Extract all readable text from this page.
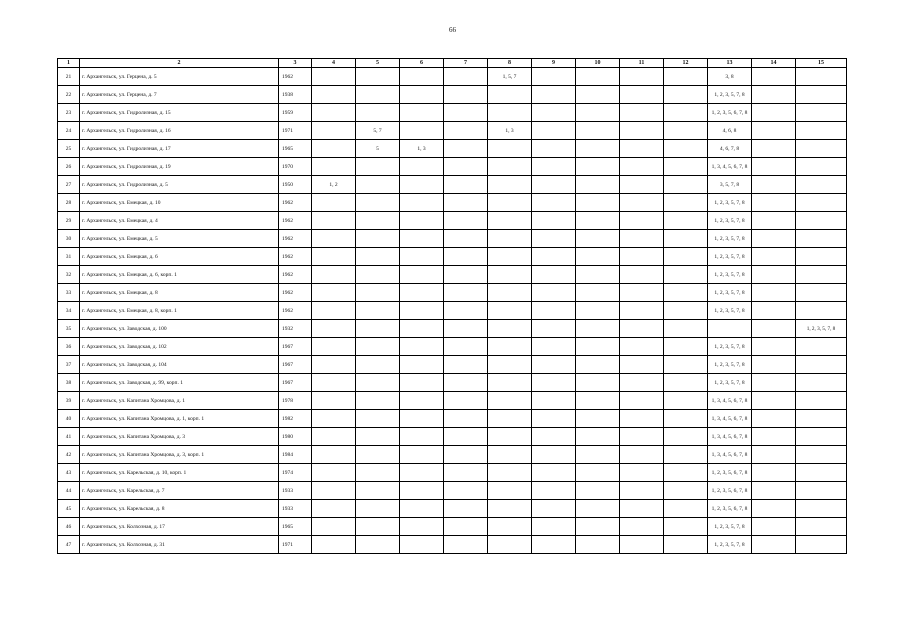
66
1	2	3	4	5	6	7	8	9	10	11	12	13	14	15
21	г. Архангельск, ул. Герцена, д. 5	1962					1, 5, 7					3, 8		
22	г. Архангельск, ул. Герцена, д. 7	1938										1, 2, 3, 5, 7, 8		
23	г. Архангельск, ул. Гидролизная, д. 15	1959										1, 2, 3, 5, 6, 7, 8		
24	г. Архангельск, ул. Гидролизная, д. 16	1971		5, 7			1, 3					4, 6, 8		
25	г. Архангельск, ул. Гидролизная, д. 17	1965		5	1, 3							4, 6, 7, 8		
26	г. Архангельск, ул. Гидролизная, д. 19	1970										1, 3, 4, 5, 6, 7, 8		
27	г. Архангельск, ул. Гидролизная, д. 5	1950	1, 2									3, 5, 7, 8		
28	г. Архангельск, ул. Емецкая, д. 10	1962										1, 2, 3, 5, 7, 8		
29	г. Архангельск, ул. Емецкая, д. 4	1962										1, 2, 3, 5, 7, 8		
30	г. Архангельск, ул. Емецкая, д. 5	1962										1, 2, 3, 5, 7, 8		
31	г. Архангельск, ул. Емецкая, д. 6	1962										1, 2, 3, 5, 7, 8		
32	г. Архангельск, ул. Емецкая, д. 6, корп. 1	1962										1, 2, 3, 5, 7, 8		
33	г. Архангельск, ул. Емецкая, д. 8	1962										1, 2, 3, 5, 7, 8		
34	г. Архангельск, ул. Емецкая, д. 8, корп. 1	1962										1, 2, 3, 5, 7, 8		
35	г. Архангельск, ул. Заводская, д. 100	1932												1, 2, 3, 5, 7, 8
36	г. Архангельск, ул. Заводская, д. 102	1967										1, 2, 3, 5, 7, 8		
37	г. Архангельск, ул. Заводская, д. 104	1967										1, 2, 3, 5, 7, 8		
38	г. Архангельск, ул. Заводская, д. 99, корп. 1	1967										1, 2, 3, 5, 7, 8		
39	г. Архангельск, ул. Капитана Хромцова, д. 1	1978										1, 3, 4, 5, 6, 7, 8		
40	г. Архангельск, ул. Капитана Хромцова, д. 1, корп. 1	1982										1, 3, 4, 5, 6, 7, 8		
41	г. Архангельск, ул. Капитана Хромцова, д. 3	1980										1, 3, 4, 5, 6, 7, 8		
42	г. Архангельск, ул. Капитана Хромцова, д. 3, корп. 1	1984										1, 3, 4, 5, 6, 7, 8		
43	г. Архангельск, ул. Карельская, д. 10, корп. 1	1974										1, 2, 3, 5, 6, 7, 8		
44	г. Архангельск, ул. Карельская, д. 7	1933										1, 2, 3, 5, 6, 7, 8		
45	г. Архангельск, ул. Карельская, д. 8	1933										1, 2, 3, 5, 6, 7, 8		
46	г. Архангельск, ул. Колхозная, д. 17	1965										1, 2, 3, 5, 7, 8		
47	г. Архангельск, ул. Колхозная, д. 31	1971										1, 2, 3, 5, 7, 8		
